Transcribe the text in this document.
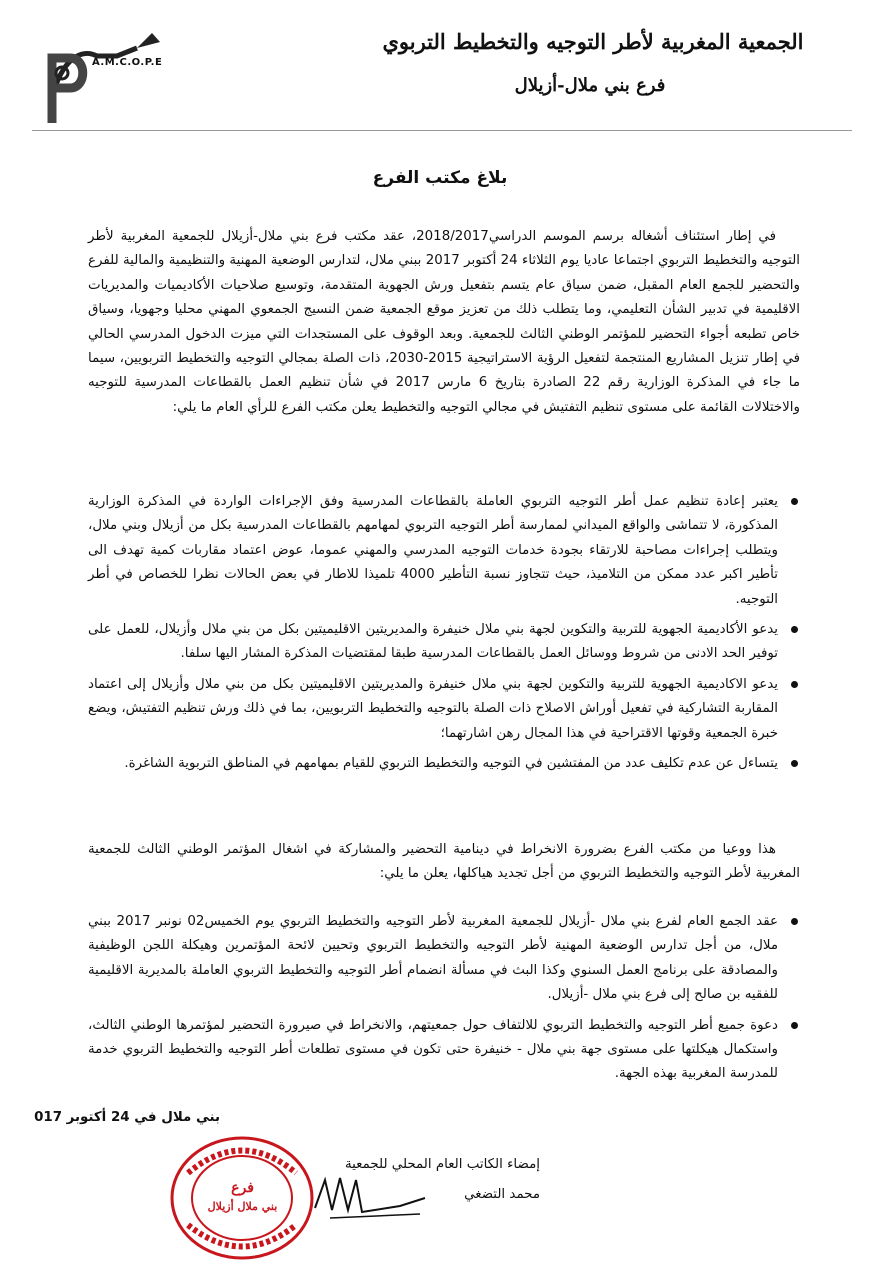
A.M.C.O.P.E
الجمعية المغربية لأطر التوجيه والتخطيط التربوي
فرع بني ملال-أزيلال
بلاغ مكتب الفرع

في إطار استئناف أشغاله برسم الموسم الدراسي2018/2017، عقد مكتب فرع بني ملال-أزيلال للجمعية المغربية لأطر التوجيه والتخطيط التربوي اجتماعا عاديا يوم الثلاثاء 24 أكتوبر 2017 ببني ملال، لتدارس الوضعية المهنية والتنظيمية والمالية للفرع والتحضير للجمع العام المقبل، ضمن سياق عام يتسم بتفعيل ورش الجهوية المتقدمة، وتوسيع صلاحيات الأكاديميات والمديريات الاقليمية في تدبير الشأن التعليمي، وما يتطلب ذلك من تعزيز موقع الجمعية ضمن النسيج الجمعوي المهني محليا وجهويا، وسياق خاص تطبعه أجواء التحضير للمؤتمر الوطني الثالث للجمعية. وبعد الوقوف على المستجدات التي ميزت الدخول المدرسي الحالي في إطار تنزيل المشاريع المنتجمة لتفعيل الرؤية الاستراتيجية 2015-2030، ذات الصلة بمجالي التوجيه والتخطيط التربويين، سيما ما جاء في المذكرة الوزارية رقم 22 الصادرة بتاريخ 6 مارس 2017 في شأن تنظيم العمل بالقطاعات المدرسية للتوجيه والاختلالات القائمة على مستوى تنظيم التفتيش في مجالي التوجيه والتخطيط يعلن مكتب الفرع للرأي العام ما يلي:

يعتبر إعادة تنظيم عمل أطر التوجيه التربوي العاملة بالقطاعات المدرسية وفق الإجراءات الواردة في المذكرة الوزارية المذكورة، لا تتماشى والواقع الميداني لممارسة أطر التوجيه التربوي لمهامهم بالقطاعات المدرسية بكل من أزيلال وبني ملال، ويتطلب إجراءات مصاحبة للارتقاء بجودة خدمات التوجيه المدرسي والمهني عموما، عوض اعتماد مقاربات كمية تهدف الى تأطير اكبر عدد ممكن من التلاميذ، حيث تتجاوز نسبة التأطير 4000 تلميذا للاطار في بعض الحالات نظرا للخصاص في أطر التوجيه.
يدعو الأكاديمية الجهوية للتربية والتكوين لجهة بني ملال خنيفرة والمديريتين الاقليميتين بكل من بني ملال وأزيلال، للعمل على توفير الحد الادنى من شروط ووسائل العمل بالقطاعات المدرسية طبقا لمقتضيات المذكرة المشار اليها سلفا.
يدعو الاكاديمية الجهوية للتربية والتكوين لجهة بني ملال خنيفرة والمديريتين الاقليميتين بكل من بني ملال وأزيلال إلى اعتماد المقاربة التشاركية في تفعيل أوراش الاصلاح ذات الصلة بالتوجيه والتخطيط التربويين، بما في ذلك ورش تنظيم التفتيش، ويضع خبرة الجمعية وقوتها الاقتراحية في هذا المجال رهن اشارتهما؛
يتساءل عن عدم تكليف عدد من المفتشين في التوجيه والتخطيط التربوي للقيام بمهامهم في المناطق التربوية الشاغرة.

هذا ووعيا من مكتب الفرع بضرورة الانخراط في دينامية التحضير والمشاركة في اشغال المؤتمر الوطني الثالث للجمعية المغربية لأطر التوجيه والتخطيط التربوي من أجل تجديد هياكلها، يعلن ما يلي:

عقد الجمع العام لفرع بني ملال -أزيلال للجمعية المغربية لأطر التوجيه والتخطيط التربوي يوم الخميس02 نونبر 2017 ببني ملال، من أجل تدارس الوضعية المهنية لأطر التوجيه والتخطيط التربوي وتحيين لائحة المؤتمرين وهيكلة اللجن الوظيفية والمصادقة على برنامج العمل السنوي وكذا البث في مسألة انضمام أطر التوجيه والتخطيط التربوي العاملة بالمديرية الاقليمية للفقيه بن صالح إلى فرع بني ملال -أزيلال.
دعوة جميع أطر التوجيه والتخطيط التربوي للالتفاف حول جمعيتهم، والانخراط في صيرورة التحضير لمؤتمرها الوطني الثالث، واستكمال هيكلتها على مستوى جهة بني ملال - خنيفرة حتى تكون في مستوى تطلعات أطر التوجيه والتخطيط التربوي خدمة للمدرسة المغربية بهذه الجهة.
بني ملال في 24 أكتوبر 017
إمضاء الكاتب العام المحلي للجمعية
محمد التضغي
فرع
بني ملال أزيلال
